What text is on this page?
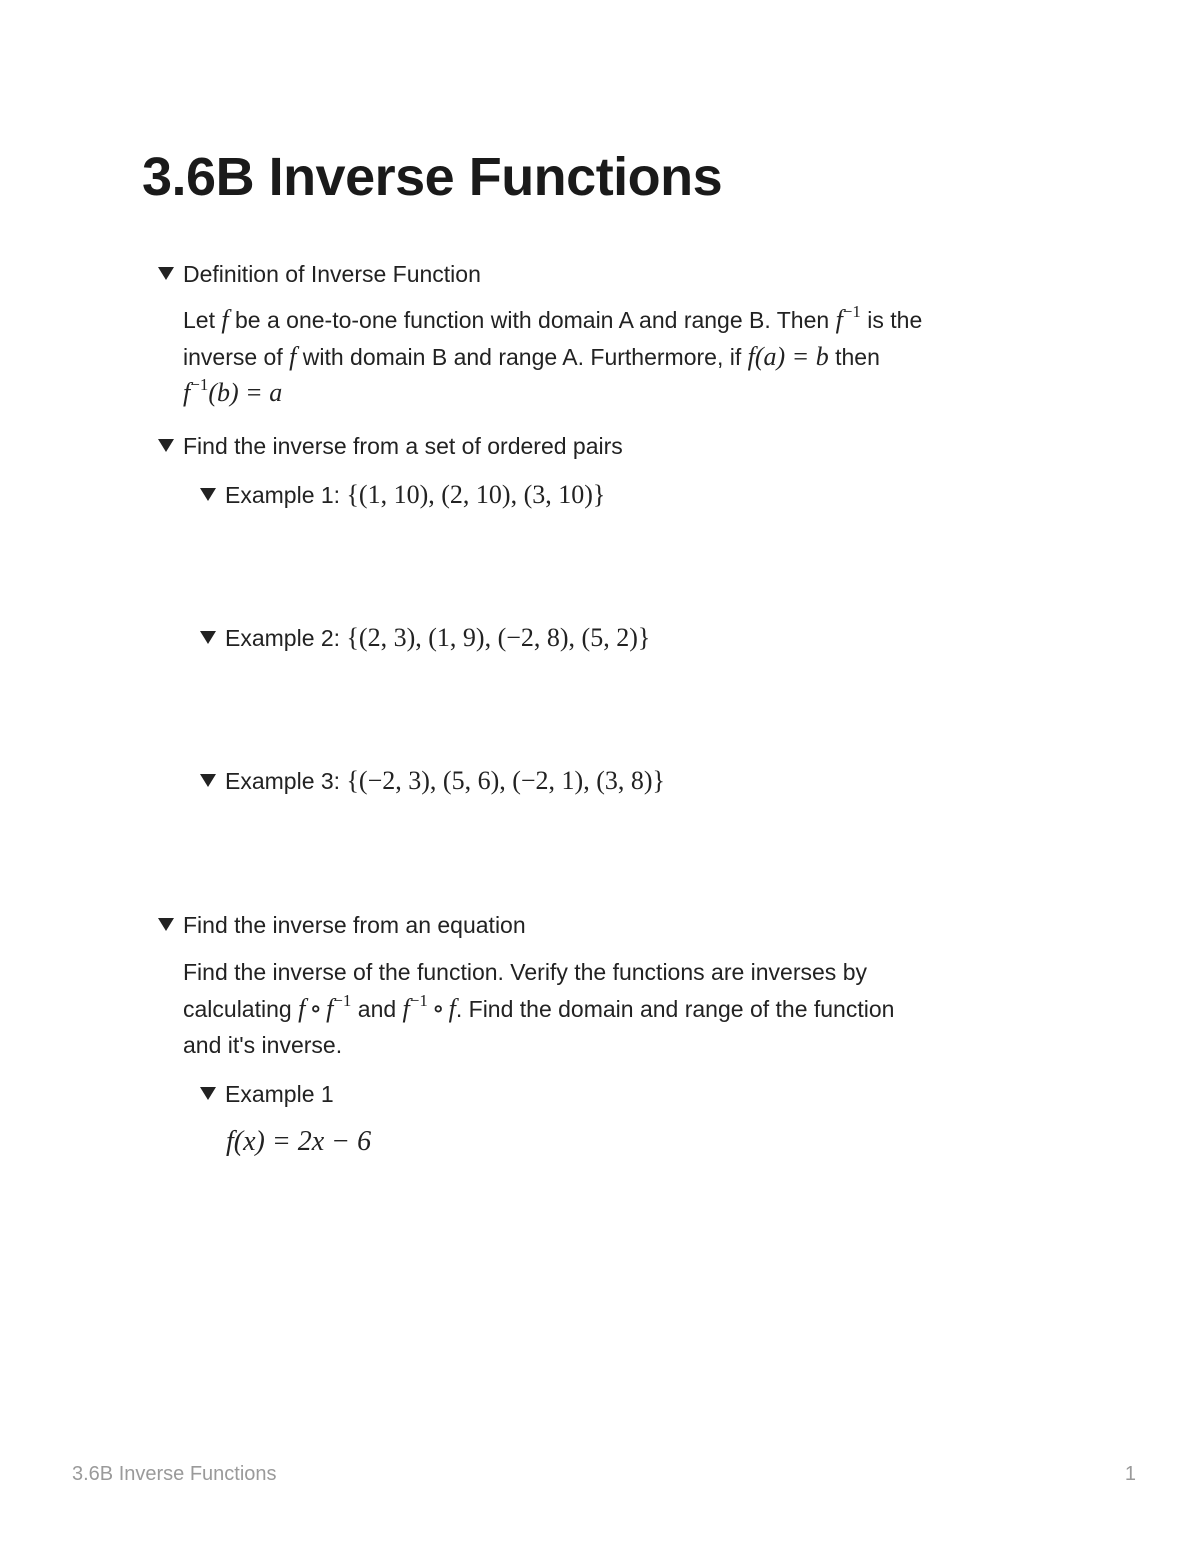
3.6B Inverse Functions
Definition of Inverse Function
Let f be a one-to-one function with domain A and range B. Then $f^{-1}$ is the
inverse of f with domain B and range A. Furthermore, if f(a) = b then
$f^{-1}(b) = a$
Find the inverse from a set of ordered pairs
Example 1: {(1, 10), (2, 10), (3, 10)}
Example 2: {(2, 3), (1, 9), (−2, 8), (5, 2)}
Example 3: {(−2, 3), (5, 6), (−2, 1), (3, 8)}
Find the inverse from an equation
Find the inverse of the function. Verify the functions are inverses by
calculating f ∘ $f^{-1}$ and $f^{-1}$ ∘ f. Find the domain and range of the function
and it's inverse.
Example 1
f(x) = 2x − 6
3.6B Inverse Functions	1
